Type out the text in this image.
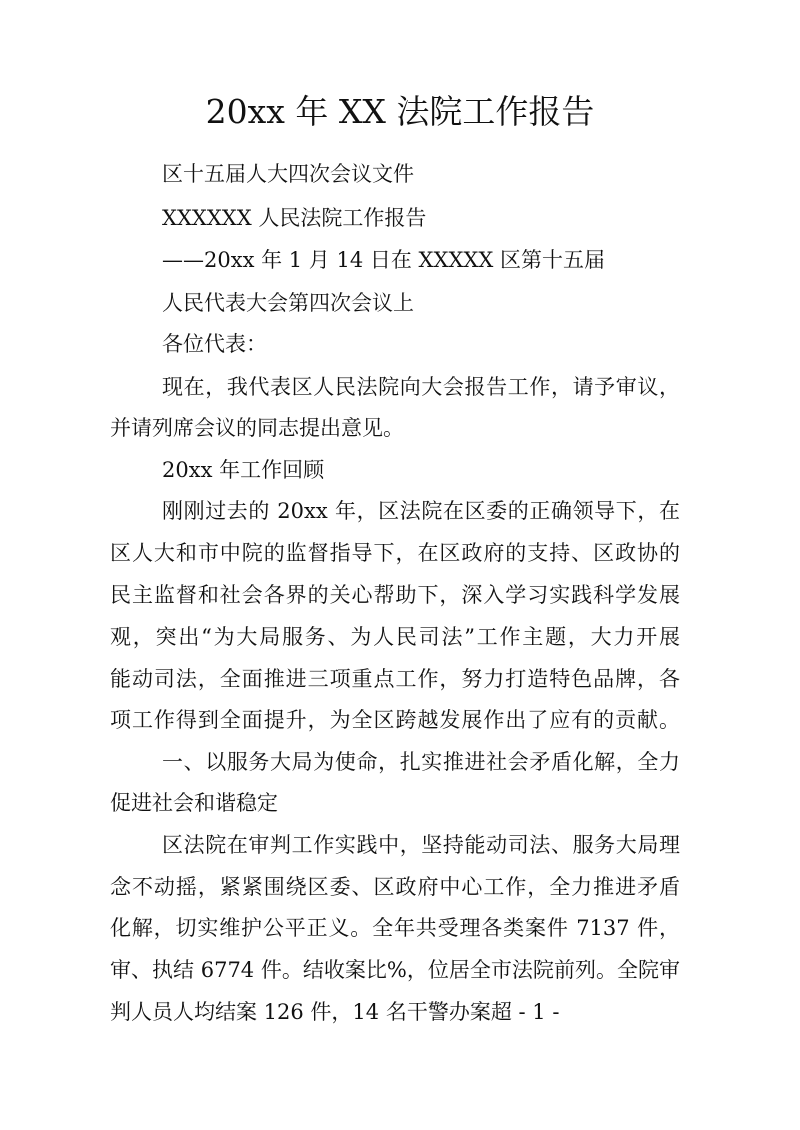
20xx 年 XX 法院工作报告
区十五届人大四次会议文件
XXXXXX 人民法院工作报告
——20xx 年 1 月 14 日在 XXXXX 区第十五届
人民代表大会第四次会议上
各位代表：
现在，我代表区人民法院向大会报告工作，请予审议，
并请列席会议的同志提出意见。
20xx 年工作回顾
刚刚过去的 20xx 年，区法院在区委的正确领导下，在
区人大和市中院的监督指导下，在区政府的支持、区政协的
民主监督和社会各界的关心帮助下，深入学习实践科学发展
观，突出“为大局服务、为人民司法”工作主题，大力开展
能动司法，全面推进三项重点工作，努力打造特色品牌，各
项工作得到全面提升，为全区跨越发展作出了应有的贡献。
一、以服务大局为使命，扎实推进社会矛盾化解，全力
促进社会和谐稳定
区法院在审判工作实践中，坚持能动司法、服务大局理
念不动摇，紧紧围绕区委、区政府中心工作，全力推进矛盾
化解，切实维护公平正义。全年共受理各类案件 7137 件，
审、执结 6774 件。结收案比%，位居全市法院前列。全院审
判人员人均结案 126 件，14 名干警办案超 - 1 -
